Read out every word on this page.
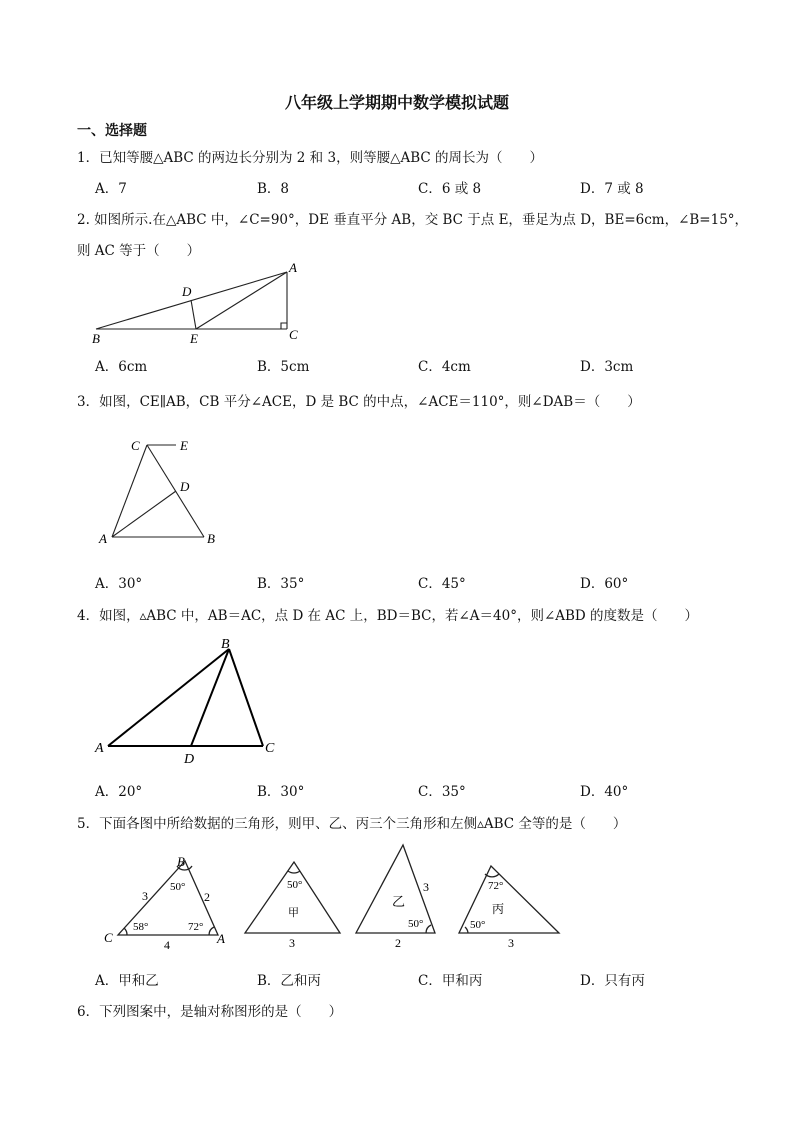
八年级上学期期中数学模拟试题
一、选择题
1．已知等腰△ABC 的两边长分别为 2 和 3，则等腰△ABC 的周长为（　　）
A．7	B．8	C．6 或 8	D．7 或 8
2. 如图所示.在△ABC 中，∠C=90°，DE 垂直平分 AB，交 BC 于点 E，垂足为点 D，BE=6cm，∠B=15°，
则 AC 等于（　　）
A
D
B	E	C
A．6cm	B．5cm	C．4cm	D．3cm
3．如图，CE∥AB，CB 平分∠ACE，D 是 BC 的中点，∠ACE＝110°，则∠DAB＝（　　）
C	E
D
A	B
A．30°	B．35°	C．45°	D．60°
4．如图，▵ABC 中，AB＝AC，点 D 在 AC 上，BD＝BC，若∠A＝40°，则∠ABD 的度数是（　　）
B
A
D
C
A．20°	B．30°	C．35°	D．40°
5．下面各图中所给数据的三角形，则甲、乙、丙三个三角形和左侧▵ABC 全等的是（　　）
B
50°
3	2
58°	72°
C	4	A
50°
甲
3
乙
3
50°
2
72°
丙
50°
3
A．甲和乙	B．乙和丙	C．甲和丙	D．只有丙
6．下列图案中，是轴对称图形的是（　　）
